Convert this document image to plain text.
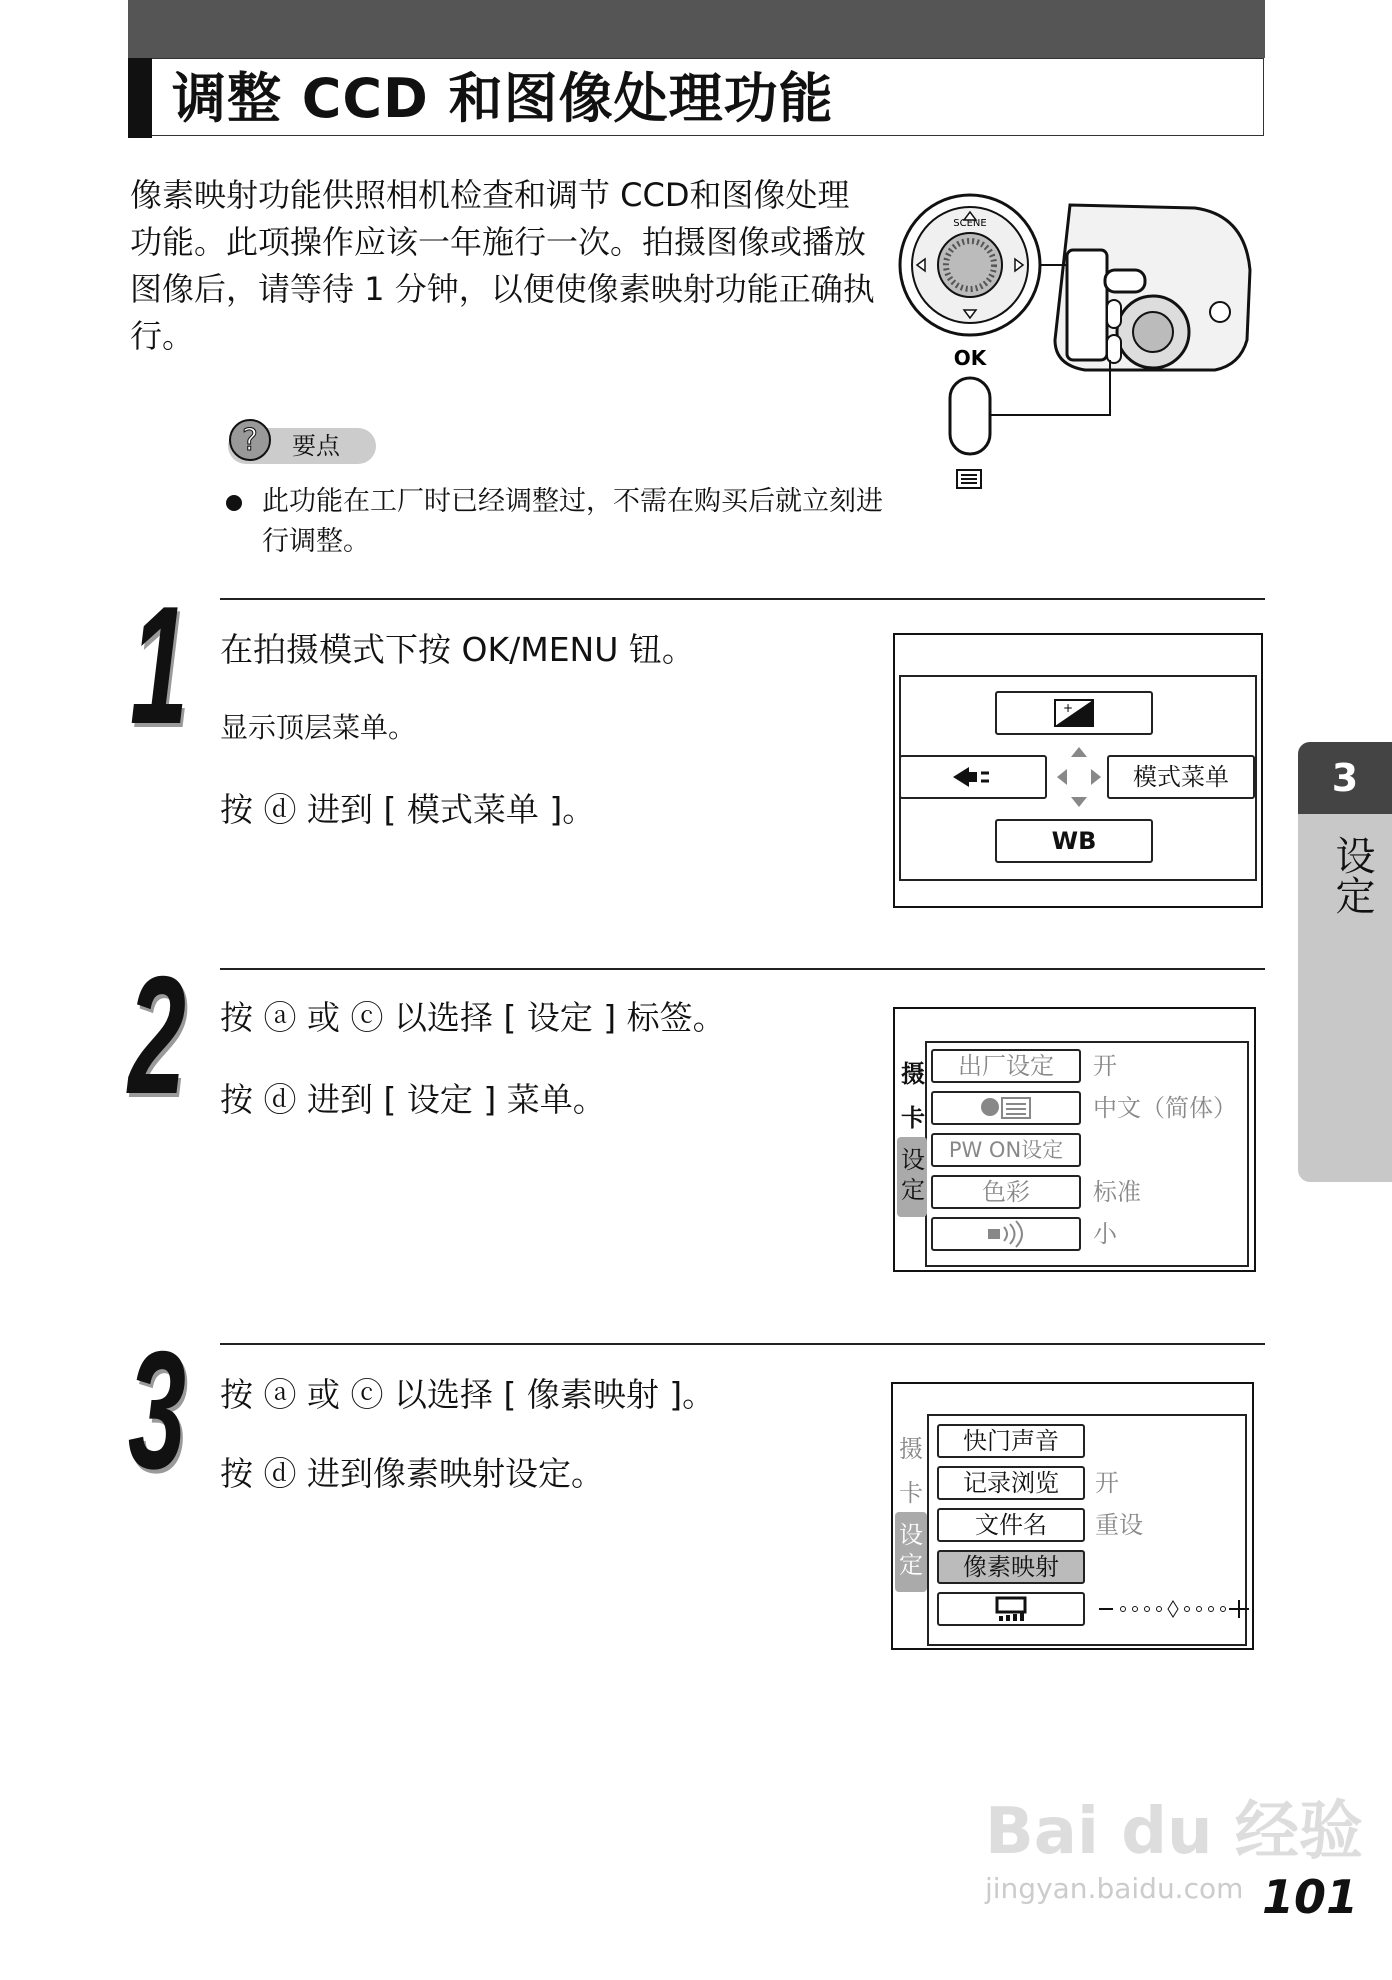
调整 CCD 和图像处理功能
像素映射功能供照相机检查和调节 CCD和图像处理功能。此项操作应该一年施行一次。拍摄图像或播放图像后，请等待 1 分钟，以便使像素映射功能正确执行。
SCENE
OK
? 要点
此功能在工厂时已经调整过，不需在购买后就立刻进行调整。
1 在拍摄模式下按 OK/MENU 钮。
显示顶层菜单。
按 ⓓ 进到 [ 模式菜单 ]。
+
模式菜单
WB
2 按 ⓐ 或 ⓒ 以选择 [ 设定 ] 标签。
按 ⓓ 进到 [ 设定 ] 菜单。
摄
卡
设
定
出厂设定	开
中文（简体）
PW ON设定
色彩	标准
小
3 按 ⓐ 或 ⓒ 以选择 [ 像素映射 ]。
按 ⓓ 进到像素映射设定。
摄
卡
设
定
快门声音
记录浏览	开
文件名	重设
像素映射
3
设定
Bai du 经验
jingyan.baidu.com 101
